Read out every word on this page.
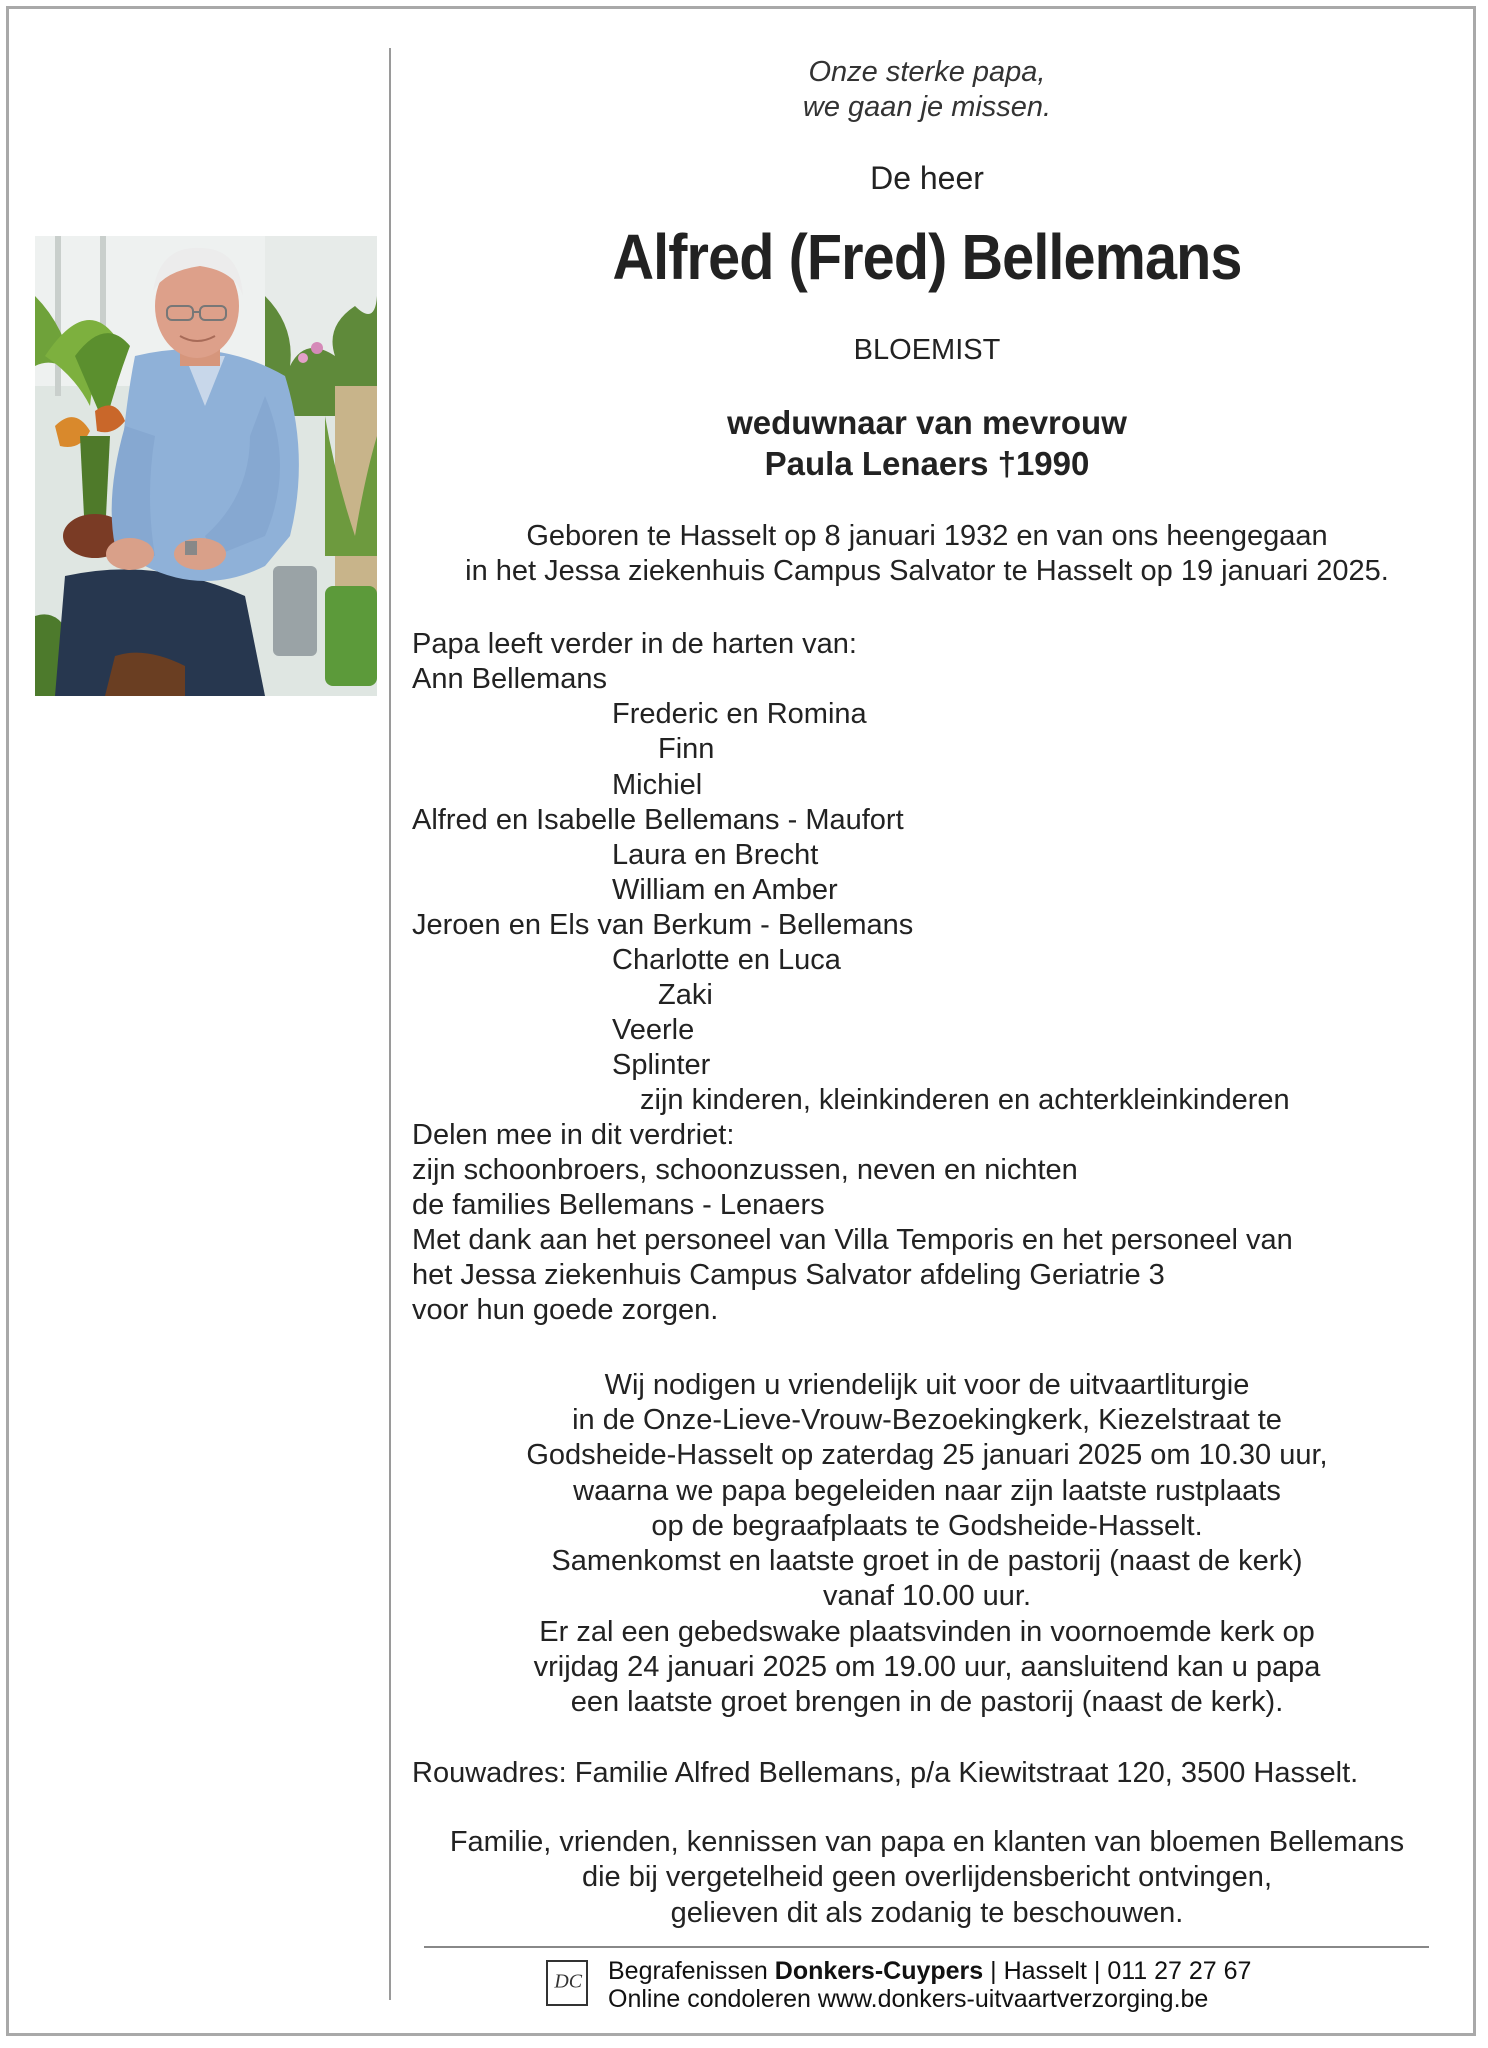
Onze sterke papa,
we gaan je missen.
De heer
Alfred (Fred) Bellemans
BLOEMIST
weduwnaar van mevrouw
Paula Lenaers †1990
Geboren te Hasselt op 8 januari 1932 en van ons heengegaan
in het Jessa ziekenhuis Campus Salvator te Hasselt op 19 januari 2025.
Papa leeft verder in de harten van:
Ann Bellemans
Frederic en Romina
Finn
Michiel
Alfred en Isabelle Bellemans - Maufort
Laura en Brecht
William en Amber
Jeroen en Els van Berkum - Bellemans
Charlotte en Luca
Zaki
Veerle
Splinter
zijn kinderen, kleinkinderen en achterkleinkinderen
Delen mee in dit verdriet:
zijn schoonbroers, schoonzussen, neven en nichten
de families Bellemans - Lenaers
Met dank aan het personeel van Villa Temporis en het personeel van
het Jessa ziekenhuis Campus Salvator afdeling Geriatrie 3
voor hun goede zorgen.
Wij nodigen u vriendelijk uit voor de uitvaartliturgie
in de Onze-Lieve-Vrouw-Bezoekingkerk, Kiezelstraat te
Godsheide-Hasselt op zaterdag 25 januari 2025 om 10.30 uur,
waarna we papa begeleiden naar zijn laatste rustplaats
op de begraafplaats te Godsheide-Hasselt.
Samenkomst en laatste groet in de pastorij (naast de kerk)
vanaf 10.00 uur.
Er zal een gebedswake plaatsvinden in voornoemde kerk op
vrijdag 24 januari 2025 om 19.00 uur, aansluitend kan u papa
een laatste groet brengen in de pastorij (naast de kerk).
Rouwadres: Familie Alfred Bellemans, p/a Kiewitstraat 120, 3500 Hasselt.
Familie, vrienden, kennissen van papa en klanten van bloemen Bellemans
die bij vergetelheid geen overlijdensbericht ontvingen,
gelieven dit als zodanig te beschouwen.
DC Begrafenissen Donkers-Cuypers | Hasselt | 011 27 27 67
Online condoleren www.donkers-uitvaartverzorging.be
